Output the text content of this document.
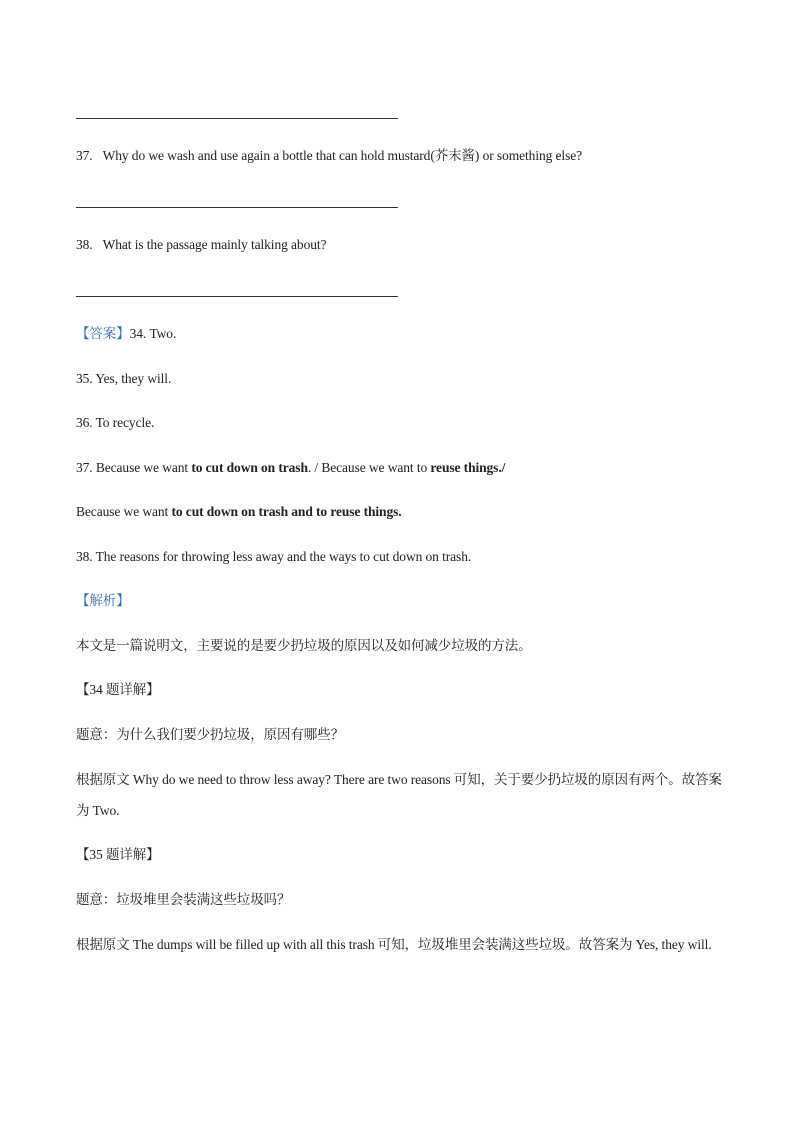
37. Why do we wash and use again a bottle that can hold mustard(芥末酱) or something else?
38. What is the passage mainly talking about?
【答案】34. Two.
35. Yes, they will.
36. To recycle.
37. Because we want to cut down on trash. / Because we want to reuse things./
Because we want to cut down on trash and to reuse things.
38. The reasons for throwing less away and the ways to cut down on trash.
【解析】
本文是一篇说明文，主要说的是要少扔垃圾的原因以及如何减少垃圾的方法。
【34 题详解】
题意：为什么我们要少扔垃圾，原因有哪些？
根据原文 Why do we need to throw less away? There are two reasons 可知，关于要少扔垃圾的原因有两个。故答案为 Two.
【35 题详解】
题意：垃圾堆里会装满这些垃圾吗？
根据原文 The dumps will be filled up with all this trash 可知，垃圾堆里会装满这些垃圾。故答案为 Yes, they will.
